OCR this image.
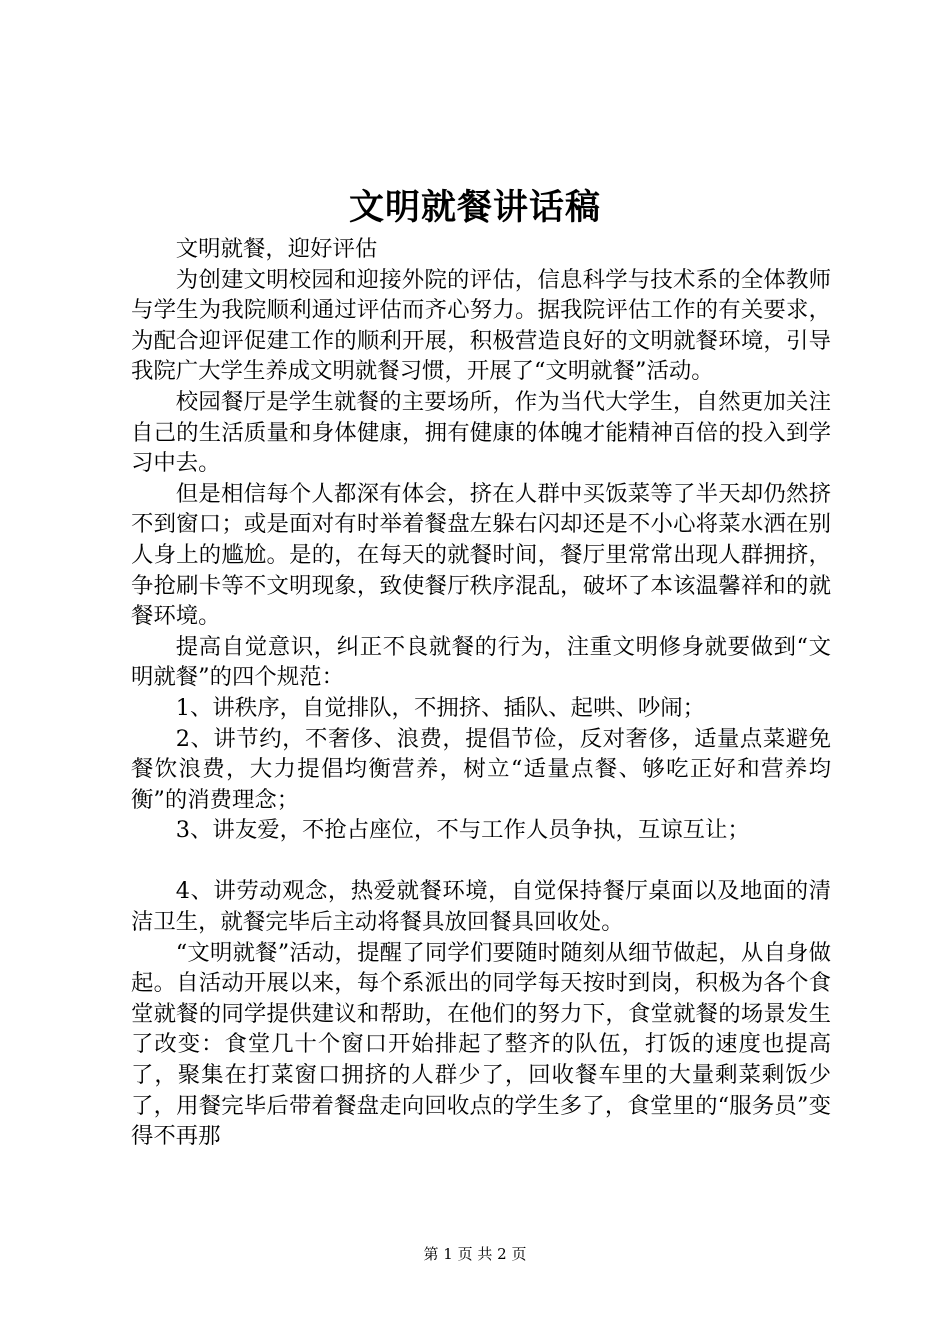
文明就餐讲话稿

文明就餐，迎好评估

为创建文明校园和迎接外院的评估，信息科学与技术系的全体教师与学生为我院顺利通过评估而齐心努力。据我院评估工作的有关要求，为配合迎评促建工作的顺利开展，积极营造良好的文明就餐环境，引导我院广大学生养成文明就餐习惯，开展了“文明就餐”活动。

校园餐厅是学生就餐的主要场所，作为当代大学生，自然更加关注自己的生活质量和身体健康，拥有健康的体魄才能精神百倍的投入到学习中去。

但是相信每个人都深有体会，挤在人群中买饭菜等了半天却仍然挤不到窗口；或是面对有时举着餐盘左躲右闪却还是不小心将菜水洒在别人身上的尴尬。是的，在每天的就餐时间，餐厅里常常出现人群拥挤，争抢刷卡等不文明现象，致使餐厅秩序混乱，破坏了本该温馨祥和的就餐环境。

提高自觉意识，纠正不良就餐的行为，注重文明修身就要做到“文明就餐”的四个规范：

1、讲秩序，自觉排队，不拥挤、插队、起哄、吵闹；

2、讲节约，不奢侈、浪费，提倡节俭，反对奢侈，适量点菜避免餐饮浪费，大力提倡均衡营养，树立“适量点餐、够吃正好和营养均衡”的消费理念；

3、讲友爱，不抢占座位，不与工作人员争执，互谅互让；

4、讲劳动观念，热爱就餐环境，自觉保持餐厅桌面以及地面的清洁卫生，就餐完毕后主动将餐具放回餐具回收处。

“文明就餐”活动，提醒了同学们要随时随刻从细节做起，从自身做起。自活动开展以来，每个系派出的同学每天按时到岗，积极为各个食堂就餐的同学提供建议和帮助，在他们的努力下，食堂就餐的场景发生了改变：食堂几十个窗口开始排起了整齐的队伍，打饭的速度也提高了，聚集在打菜窗口拥挤的人群少了，回收餐车里的大量剩菜剩饭少了，用餐完毕后带着餐盘走向回收点的学生多了，食堂里的“服务员”变得不再那

第 1 页 共 2 页
